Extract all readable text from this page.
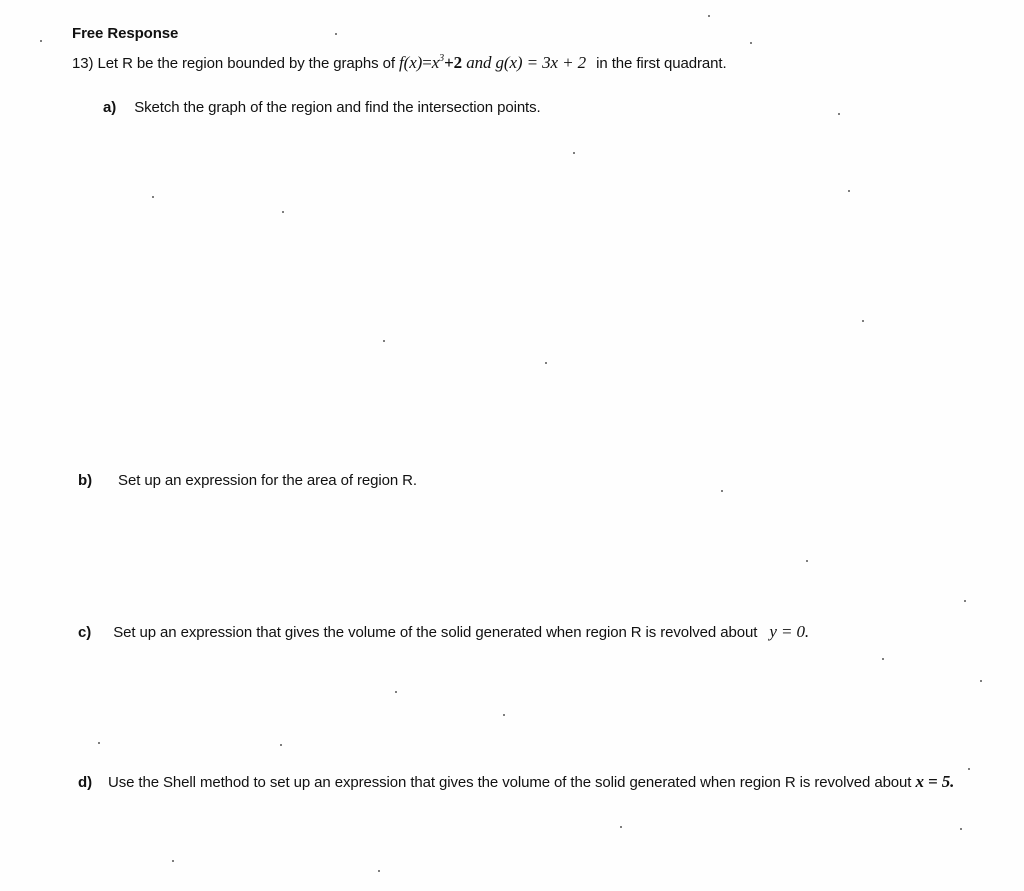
Free Response
13) Let R be the region bounded by the graphs of $f(x)=x^3+2$ and g(x) = 3x + 2 in the first quadrant.
a) Sketch the graph of the region and find the intersection points.
b) Set up an expression for the area of region R.
c) Set up an expression that gives the volume of the solid generated when region R is revolved about y = 0.
d) Use the Shell method to set up an expression that gives the volume of the solid generated when region R is revolved about x = 5.
